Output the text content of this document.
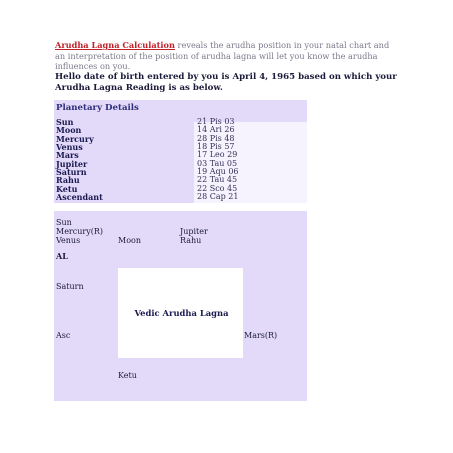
Arudha Lagna Calculation reveals the arudha position in your natal chart and an interpretation of the position of arudha lagna will let you know the arudha influences on you.
Hello date of birth entered by you is April 4, 1965 based on which your Arudha Lagna Reading is as below.
Planetary Details
Sun	21 Pis 03
Moon	14 Ari 26
Mercury	28 Pis 48
Venus	18 Pis 57
Mars	17 Leo 29
Jupiter	03 Tau 05
Saturn	19 Aqu 06
Rahu	22 Tau 45
Ketu	22 Sco 45
Ascendant	28 Cap 21
Vedic Arudha Lagna
Sun
Mercury(R)
Venus	Moon
Jupiter
Rahu
AL
Saturn
Asc	Mars(R)
Ketu
